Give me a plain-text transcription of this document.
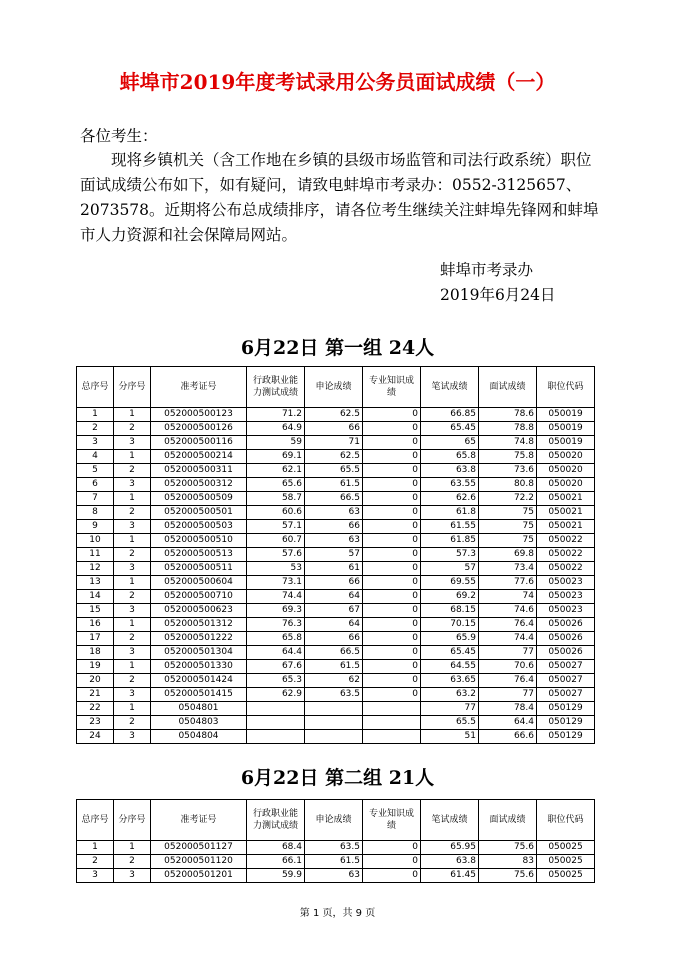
蚌埠市2019年度考试录用公务员面试成绩（一）
各位考生：
现将乡镇机关（含工作地在乡镇的县级市场监管和司法行政系统）职位面试成绩公布如下，如有疑问，请致电蚌埠市考录办：0552-3125657、2073578。近期将公布总成绩排序，请各位考生继续关注蚌埠先锋网和蚌埠市人力资源和社会保障局网站。
蚌埠市考录办
2019年6月24日
6月22日 第一组 24人
总序号	分序号	准考证号	行政职业能力测试成绩	申论成绩	专业知识成绩	笔试成绩	面试成绩	职位代码
1	1	052000500123	71.2	62.5	0	66.85	78.6	050019
2	2	052000500126	64.9	66	0	65.45	78.8	050019
3	3	052000500116	59	71	0	65	74.8	050019
4	1	052000500214	69.1	62.5	0	65.8	75.8	050020
5	2	052000500311	62.1	65.5	0	63.8	73.6	050020
6	3	052000500312	65.6	61.5	0	63.55	80.8	050020
7	1	052000500509	58.7	66.5	0	62.6	72.2	050021
8	2	052000500501	60.6	63	0	61.8	75	050021
9	3	052000500503	57.1	66	0	61.55	75	050021
10	1	052000500510	60.7	63	0	61.85	75	050022
11	2	052000500513	57.6	57	0	57.3	69.8	050022
12	3	052000500511	53	61	0	57	73.4	050022
13	1	052000500604	73.1	66	0	69.55	77.6	050023
14	2	052000500710	74.4	64	0	69.2	74	050023
15	3	052000500623	69.3	67	0	68.15	74.6	050023
16	1	052000501312	76.3	64	0	70.15	76.4	050026
17	2	052000501222	65.8	66	0	65.9	74.4	050026
18	3	052000501304	64.4	66.5	0	65.45	77	050026
19	1	052000501330	67.6	61.5	0	64.55	70.6	050027
20	2	052000501424	65.3	62	0	63.65	76.4	050027
21	3	052000501415	62.9	63.5	0	63.2	77	050027
22	1	0504801				77	78.4	050129
23	2	0504803				65.5	64.4	050129
24	3	0504804				51	66.6	050129
6月22日 第二组 21人
总序号	分序号	准考证号	行政职业能力测试成绩	申论成绩	专业知识成绩	笔试成绩	面试成绩	职位代码
1	1	052000501127	68.4	63.5	0	65.95	75.6	050025
2	2	052000501120	66.1	61.5	0	63.8	83	050025
3	3	052000501201	59.9	63	0	61.45	75.6	050025
第 1 页，共 9 页
